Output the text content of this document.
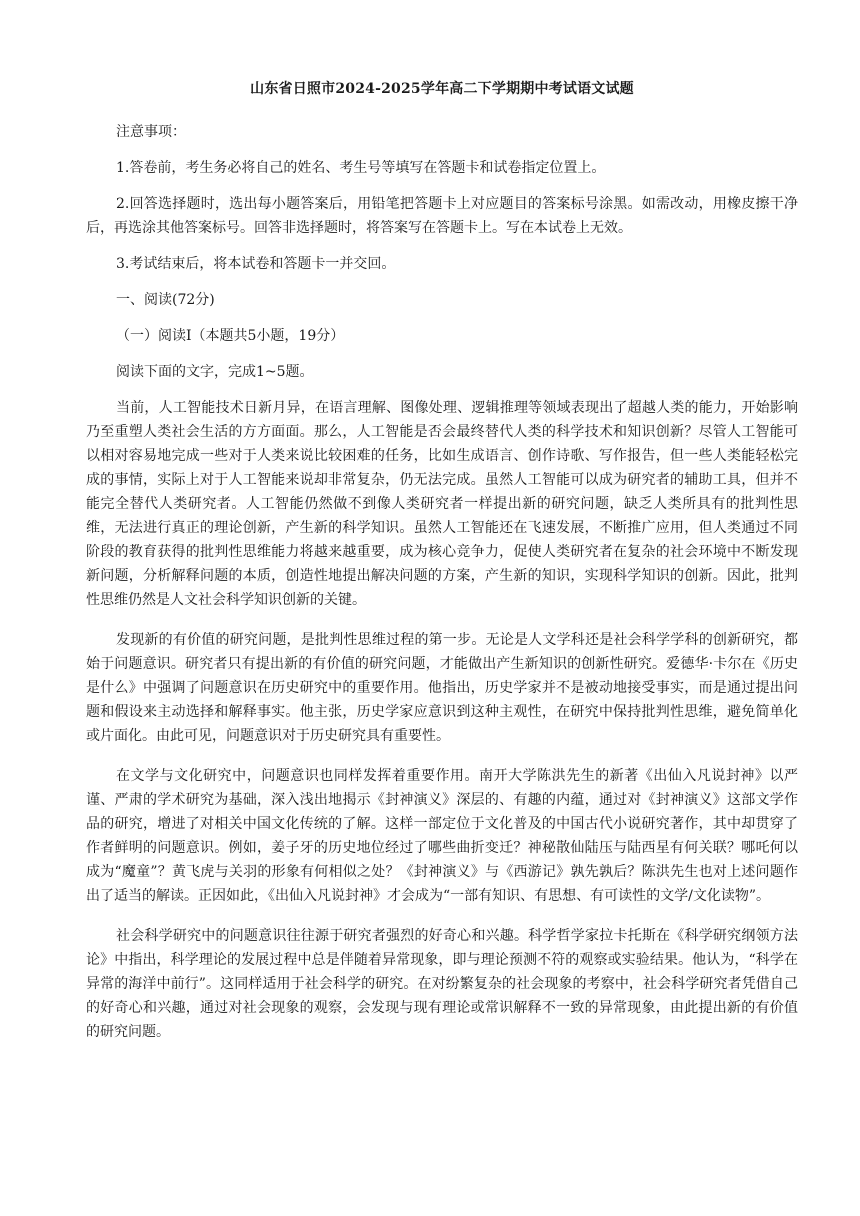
山东省日照市2024-2025学年高二下学期期中考试语文试题
注意事项：
1.答卷前，考生务必将自己的姓名、考生号等填写在答题卡和试卷指定位置上。
2.回答选择题时，选出每小题答案后，用铅笔把答题卡上对应题目的答案标号涂黑。如需改动，用橡皮擦干净后，再选涂其他答案标号。回答非选择题时，将答案写在答题卡上。写在本试卷上无效。
3.考试结束后，将本试卷和答题卡一并交回。
一、阅读(72分)
（一）阅读Ⅰ（本题共5小题，19分）
阅读下面的文字，完成1~5题。
当前，人工智能技术日新月异，在语言理解、图像处理、逻辑推理等领域表现出了超越人类的能力，开始影响乃至重塑人类社会生活的方方面面。那么，人工智能是否会最终替代人类的科学技术和知识创新？尽管人工智能可以相对容易地完成一些对于人类来说比较困难的任务，比如生成语言、创作诗歌、写作报告，但一些人类能轻松完成的事情，实际上对于人工智能来说却非常复杂，仍无法完成。虽然人工智能可以成为研究者的辅助工具，但并不能完全替代人类研究者。人工智能仍然做不到像人类研究者一样提出新的研究问题，缺乏人类所具有的批判性思维，无法进行真正的理论创新，产生新的科学知识。虽然人工智能还在飞速发展，不断推广应用，但人类通过不同阶段的教育获得的批判性思维能力将越来越重要，成为核心竞争力，促使人类研究者在复杂的社会环境中不断发现新问题，分析解释问题的本质，创造性地提出解决问题的方案，产生新的知识，实现科学知识的创新。因此，批判性思维仍然是人文社会科学知识创新的关键。
发现新的有价值的研究问题，是批判性思维过程的第一步。无论是人文学科还是社会科学学科的创新研究，都始于问题意识。研究者只有提出新的有价值的研究问题，才能做出产生新知识的创新性研究。爱德华·卡尔在《历史是什么》中强调了问题意识在历史研究中的重要作用。他指出，历史学家并不是被动地接受事实，而是通过提出问题和假设来主动选择和解释事实。他主张，历史学家应意识到这种主观性，在研究中保持批判性思维，避免简单化或片面化。由此可见，问题意识对于历史研究具有重要性。
在文学与文化研究中，问题意识也同样发挥着重要作用。南开大学陈洪先生的新著《出仙入凡说封神》以严谨、严肃的学术研究为基础，深入浅出地揭示《封神演义》深层的、有趣的内蕴，通过对《封神演义》这部文学作品的研究，增进了对相关中国文化传统的了解。这样一部定位于文化普及的中国古代小说研究著作，其中却贯穿了作者鲜明的问题意识。例如，姜子牙的历史地位经过了哪些曲折变迁？神秘散仙陆压与陆西星有何关联？哪吒何以成为“魔童”？黄飞虎与关羽的形象有何相似之处？《封神演义》与《西游记》孰先孰后？陈洪先生也对上述问题作出了适当的解读。正因如此，《出仙入凡说封神》才会成为“一部有知识、有思想、有可读性的文学/文化读物”。
社会科学研究中的问题意识往往源于研究者强烈的好奇心和兴趣。科学哲学家拉卡托斯在《科学研究纲领方法论》中指出，科学理论的发展过程中总是伴随着异常现象，即与理论预测不符的观察或实验结果。他认为，“科学在异常的海洋中前行”。这同样适用于社会科学的研究。在对纷繁复杂的社会现象的考察中，社会科学研究者凭借自己的好奇心和兴趣，通过对社会现象的观察，会发现与现有理论或常识解释不一致的异常现象，由此提出新的有价值的研究问题。
